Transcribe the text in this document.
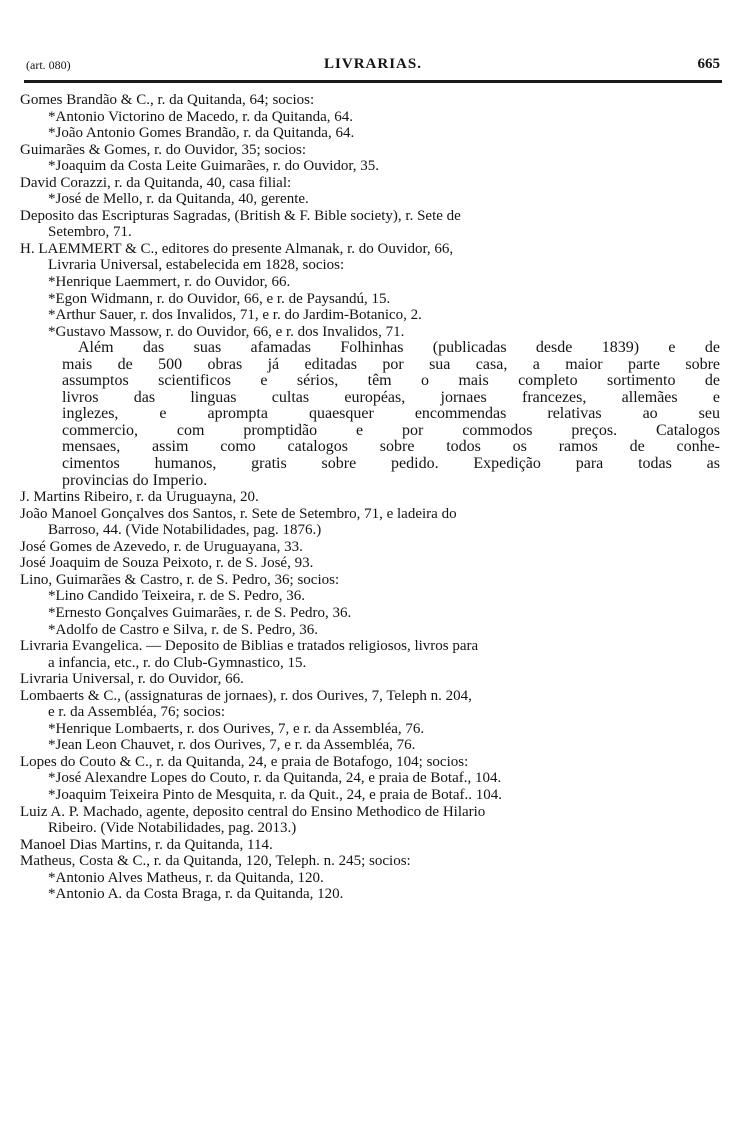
(art. 080)	LIVRARIAS.	665
Gomes Brandão & C., r. da Quitanda, 64; socios:
*Antonio Victorino de Macedo, r. da Quitanda, 64.
*João Antonio Gomes Brandão, r. da Quitanda, 64.
Guimarães & Gomes, r. do Ouvidor, 35; socios:
*Joaquim da Costa Leite Guimarães, r. do Ouvidor, 35.
David Corazzi, r. da Quitanda, 40, casa filial:
*José de Mello, r. da Quitanda, 40, gerente.
Deposito das Escripturas Sagradas, (British & F. Bible society), r. Sete de
Setembro, 71.
H. LAEMMERT & C., editores do presente Almanak, r. do Ouvidor, 66,
Livraria Universal, estabelecida em 1828, socios:
*Henrique Laemmert, r. do Ouvidor, 66.
*Egon Widmann, r. do Ouvidor, 66, e r. de Paysandú, 15.
*Arthur Sauer, r. dos Invalidos, 71, e r. do Jardim-Botanico, 2.
*Gustavo Massow, r. do Ouvidor, 66, e r. dos Invalidos, 71.
Além das suas afamadas Folhinhas (publicadas desde 1839) e de
mais de 500 obras já editadas por sua casa, a maior parte sobre
assumptos scientificos e sérios, têm o mais completo sortimento de
livros das linguas cultas européas, jornaes francezes, allemães e
inglezes, e aprompta quaesquer encommendas relativas ao seu
commercio, com promptidão e por commodos preços. Catalogos
mensaes, assim como catalogos sobre todos os ramos de conhe-
cimentos humanos, gratis sobre pedido. Expedição para todas as
provincias do Imperio.
J. Martins Ribeiro, r. da Uruguayna, 20.
João Manoel Gonçalves dos Santos, r. Sete de Setembro, 71, e ladeira do
Barroso, 44. (Vide Notabilidades, pag. 1876.)
José Gomes de Azevedo, r. de Uruguayana, 33.
José Joaquim de Souza Peixoto, r. de S. José, 93.
Lino, Guimarães & Castro, r. de S. Pedro, 36; socios:
*Lino Candido Teixeira, r. de S. Pedro, 36.
*Ernesto Gonçalves Guimarães, r. de S. Pedro, 36.
*Adolfo de Castro e Silva, r. de S. Pedro, 36.
Livraria Evangelica. — Deposito de Biblias e tratados religiosos, livros para
a infancia, etc., r. do Club-Gymnastico, 15.
Livraria Universal, r. do Ouvidor, 66.
Lombaerts & C., (assignaturas de jornaes), r. dos Ourives, 7, Teleph n. 204,
e r. da Assembléa, 76; socios:
*Henrique Lombaerts, r. dos Ourives, 7, e r. da Assembléa, 76.
*Jean Leon Chauvet, r. dos Ourives, 7, e r. da Assembléa, 76.
Lopes do Couto & C., r. da Quitanda, 24, e praia de Botafogo, 104; socios:
*José Alexandre Lopes do Couto, r. da Quitanda, 24, e praia de Botaf., 104.
*Joaquim Teixeira Pinto de Mesquita, r. da Quit., 24, e praia de Botaf.. 104.
Luiz A. P. Machado, agente, deposito central do Ensino Methodico de Hilario
Ribeiro. (Vide Notabilidades, pag. 2013.)
Manoel Dias Martins, r. da Quitanda, 114.
Matheus, Costa & C., r. da Quitanda, 120, Teleph. n. 245; socios:
*Antonio Alves Matheus, r. da Quitanda, 120.
*Antonio A. da Costa Braga, r. da Quitanda, 120.
